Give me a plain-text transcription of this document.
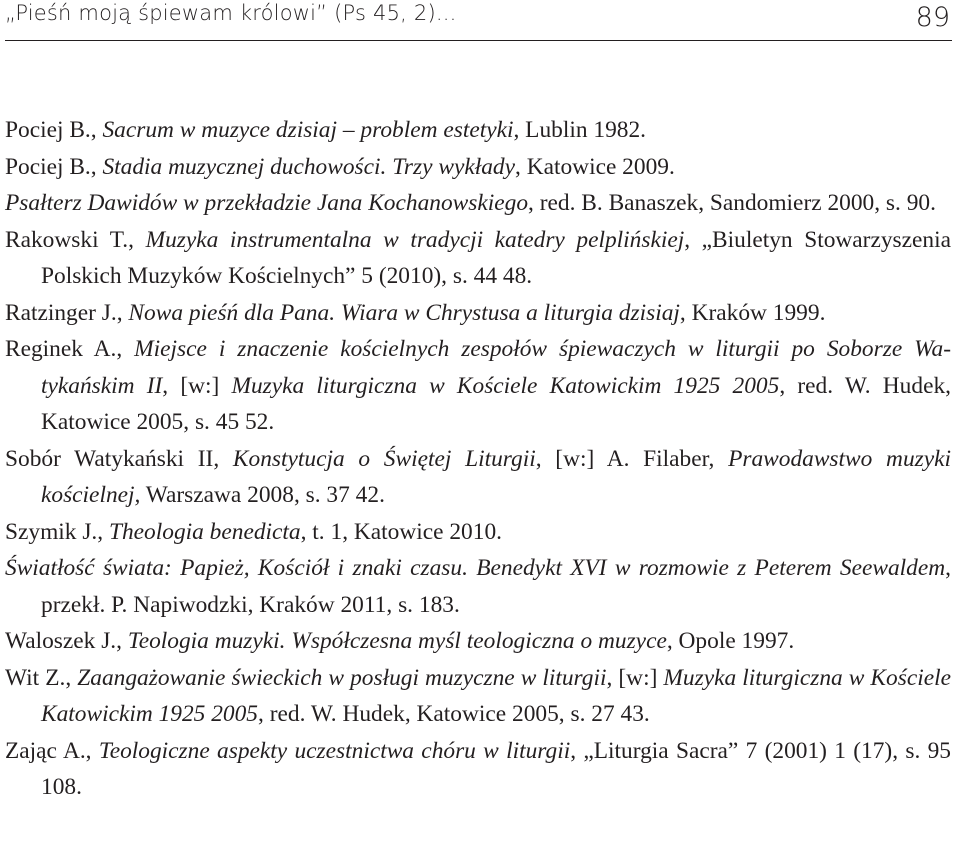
„Pieśń moją śpiewam królowi” (Ps 45, 2)...	89
Pociej B., Sacrum w muzyce dzisiaj – problem estetyki, Lublin 1982.
Pociej B., Stadia muzycznej duchowości. Trzy wykłady, Katowice 2009.
Psałterz Dawidów w przekładzie Jana Kochanowskiego, red. B. Banaszek, Sandomierz 2000, s. 90.
Rakowski T., Muzyka instrumentalna w tradycji katedry pelplińskiej, „Biuletyn Stowarzyszenia Polskich Muzyków Kościelnych” 5 (2010), s. 44 48.
Ratzinger J., Nowa pieśń dla Pana. Wiara w Chrystusa a liturgia dzisiaj, Kraków 1999.
Reginek A., Miejsce i znaczenie kościelnych zespołów śpiewaczych w liturgii po Soborze Watykańskim II, [w:] Muzyka liturgiczna w Kościele Katowickim 1925 2005, red. W. Hudek, Katowice 2005, s. 45 52.
Sobór Watykański II, Konstytucja o Świętej Liturgii, [w:] A. Filaber, Prawodawstwo muzyki kościelnej, Warszawa 2008, s. 37 42.
Szymik J., Theologia benedicta, t. 1, Katowice 2010.
Światłość świata: Papież, Kościół i znaki czasu. Benedykt XVI w rozmowie z Peterem Seewaldem, przekł. P. Napiwodzki, Kraków 2011, s. 183.
Waloszek J., Teologia muzyki. Współczesna myśl teologiczna o muzyce, Opole 1997.
Wit Z., Zaangażowanie świeckich w posługi muzyczne w liturgii, [w:] Muzyka liturgiczna w Kościele Katowickim 1925 2005, red. W. Hudek, Katowice 2005, s. 27 43.
Zając A., Teologiczne aspekty uczestnictwa chóru w liturgii, „Liturgia Sacra” 7 (2001) 1 (17), s. 95 108.
